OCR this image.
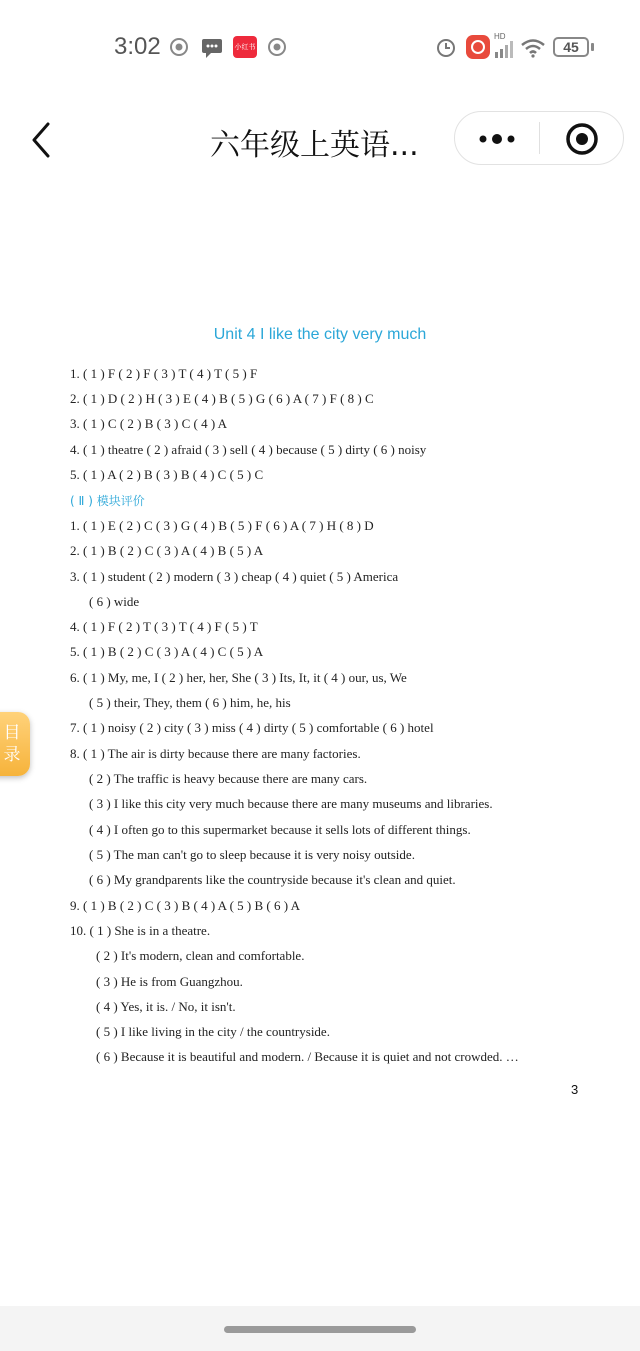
3:02	小红书
HD
45
六年级上英语...
Unit 4 I like the city very much
1. ( 1 ) F ( 2 ) F ( 3 ) T ( 4 ) T ( 5 ) F
2. ( 1 ) D ( 2 ) H ( 3 ) E ( 4 ) B ( 5 ) G ( 6 ) A ( 7 ) F ( 8 ) C
3. ( 1 ) C ( 2 ) B ( 3 ) C ( 4 ) A
4. ( 1 ) theatre ( 2 ) afraid ( 3 ) sell ( 4 ) because ( 5 ) dirty ( 6 ) noisy
5. ( 1 ) A ( 2 ) B ( 3 ) B ( 4 ) C ( 5 ) C
( Ⅱ ) 模块评价
1. ( 1 ) E ( 2 ) C ( 3 ) G ( 4 ) B ( 5 ) F ( 6 ) A ( 7 ) H ( 8 ) D
2. ( 1 ) B ( 2 ) C ( 3 ) A ( 4 ) B ( 5 ) A
3. ( 1 ) student ( 2 ) modern ( 3 ) cheap ( 4 ) quiet ( 5 ) America
( 6 ) wide
4. ( 1 ) F ( 2 ) T ( 3 ) T ( 4 ) F ( 5 ) T
5. ( 1 ) B ( 2 ) C ( 3 ) A ( 4 ) C ( 5 ) A
6. ( 1 ) My, me, I ( 2 ) her, her, She ( 3 ) Its, It, it ( 4 ) our, us, We
( 5 ) their, They, them ( 6 ) him, he, his
7. ( 1 ) noisy ( 2 ) city ( 3 ) miss ( 4 ) dirty ( 5 ) comfortable ( 6 ) hotel
8. ( 1 ) The air is dirty because there are many factories.
( 2 ) The traffic is heavy because there are many cars.
( 3 ) I like this city very much because there are many museums and libraries.
( 4 ) I often go to this supermarket because it sells lots of different things.
( 5 ) The man can't go to sleep because it is very noisy outside.
( 6 ) My grandparents like the countryside because it's clean and quiet.
9. ( 1 ) B ( 2 ) C ( 3 ) B ( 4 ) A ( 5 ) B ( 6 ) A
10. ( 1 ) She is in a theatre.
( 2 ) It's modern, clean and comfortable.
( 3 ) He is from Guangzhou.
( 4 ) Yes, it is. / No, it isn't.
( 5 ) I like living in the city / the countryside.
( 6 ) Because it is beautiful and modern. / Because it is quiet and not crowded. …
3
目
录
